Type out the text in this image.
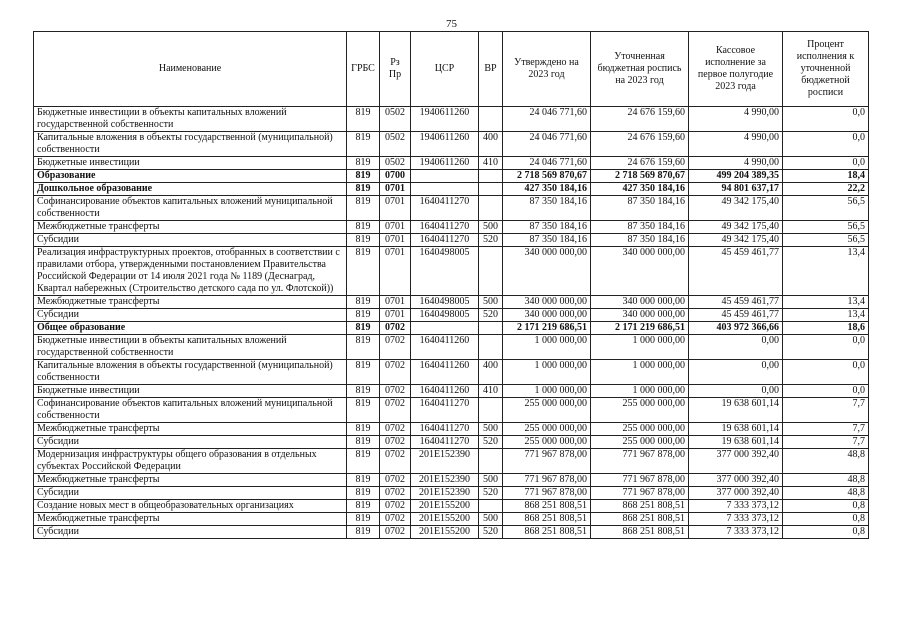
75
Наименование	ГРБС	Рз Пр	ЦСР	ВР	Утверждено на 2023 год	Уточненная бюджетная роспись на 2023 год	Кассовое исполнение за первое полугодие 2023 года	Процент исполнения к уточненной бюджетной росписи
Бюджетные инвестиции в объекты капитальных вложений государственной собственности	819	0502	1940611260		24 046 771,60	24 676 159,60	4 990,00	0,0
Капитальные вложения в объекты государственной (муниципальной) собственности	819	0502	1940611260	400	24 046 771,60	24 676 159,60	4 990,00	0,0
Бюджетные инвестиции	819	0502	1940611260	410	24 046 771,60	24 676 159,60	4 990,00	0,0
Образование	819	0700			2 718 569 870,67	2 718 569 870,67	499 204 389,35	18,4
Дошкольное образование	819	0701			427 350 184,16	427 350 184,16	94 801 637,17	22,2
Софинансирование объектов капитальных вложений муниципальной собственности	819	0701	1640411270		87 350 184,16	87 350 184,16	49 342 175,40	56,5
Межбюджетные трансферты	819	0701	1640411270	500	87 350 184,16	87 350 184,16	49 342 175,40	56,5
Субсидии	819	0701	1640411270	520	87 350 184,16	87 350 184,16	49 342 175,40	56,5
Реализация инфраструктурных проектов, отобранных в соответствии с правилами отбора, утвержденными постановлением Правительства Российской Федерации от 14 июля 2021 года № 1189 (Деснаград, Квартал набережных (Строительство детского сада по ул. Флотской))	819	0701	1640498005		340 000 000,00	340 000 000,00	45 459 461,77	13,4
Межбюджетные трансферты	819	0701	1640498005	500	340 000 000,00	340 000 000,00	45 459 461,77	13,4
Субсидии	819	0701	1640498005	520	340 000 000,00	340 000 000,00	45 459 461,77	13,4
Общее образование	819	0702			2 171 219 686,51	2 171 219 686,51	403 972 366,66	18,6
Бюджетные инвестиции в объекты капитальных вложений государственной собственности	819	0702	1640411260		1 000 000,00	1 000 000,00	0,00	0,0
Капитальные вложения в объекты государственной (муниципальной) собственности	819	0702	1640411260	400	1 000 000,00	1 000 000,00	0,00	0,0
Бюджетные инвестиции	819	0702	1640411260	410	1 000 000,00	1 000 000,00	0,00	0,0
Софинансирование объектов капитальных вложений муниципальной собственности	819	0702	1640411270		255 000 000,00	255 000 000,00	19 638 601,14	7,7
Межбюджетные трансферты	819	0702	1640411270	500	255 000 000,00	255 000 000,00	19 638 601,14	7,7
Субсидии	819	0702	1640411270	520	255 000 000,00	255 000 000,00	19 638 601,14	7,7
Модернизация инфраструктуры общего образования в отдельных субъектах Российской Федерации	819	0702	201E152390		771 967 878,00	771 967 878,00	377 000 392,40	48,8
Межбюджетные трансферты	819	0702	201E152390	500	771 967 878,00	771 967 878,00	377 000 392,40	48,8
Субсидии	819	0702	201E152390	520	771 967 878,00	771 967 878,00	377 000 392,40	48,8
Создание новых мест в общеобразовательных организациях	819	0702	201E155200		868 251 808,51	868 251 808,51	7 333 373,12	0,8
Межбюджетные трансферты	819	0702	201E155200	500	868 251 808,51	868 251 808,51	7 333 373,12	0,8
Субсидии	819	0702	201E155200	520	868 251 808,51	868 251 808,51	7 333 373,12	0,8
